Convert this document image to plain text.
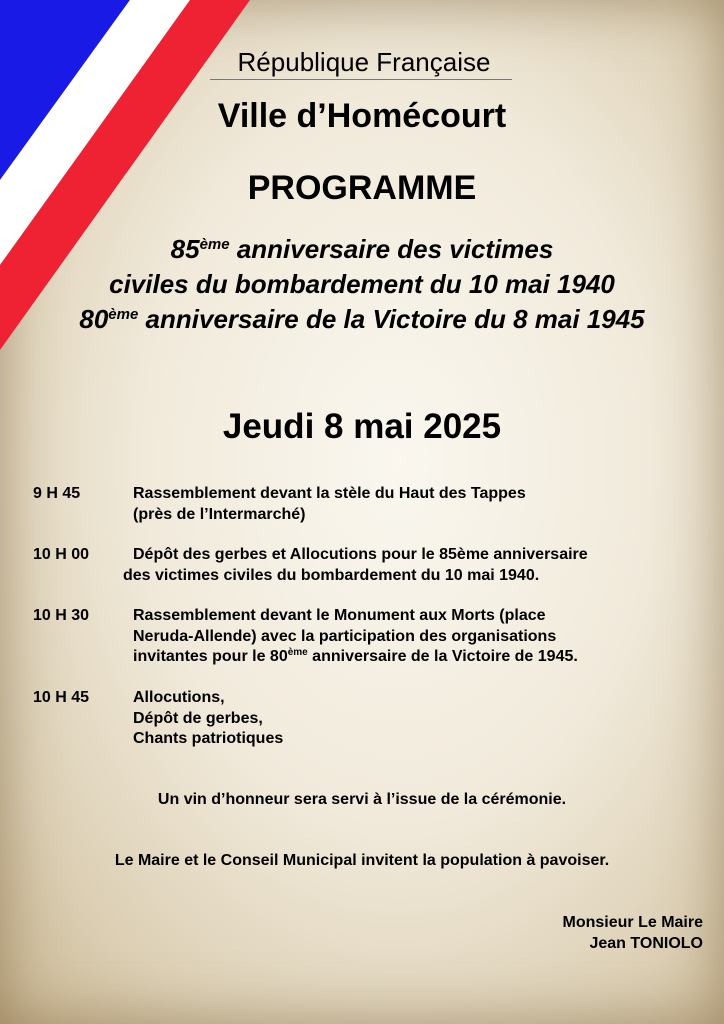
République Française
Ville d’Homécourt
PROGRAMME
85ème anniversaire des victimes
civiles du bombardement du 10 mai 1940
80ème anniversaire de la Victoire du 8 mai 1945
Jeudi 8 mai 2025
9 H 45	Rassemblement devant la stèle du Haut des Tappes
(près de l’Intermarché)
10 H 00	Dépôt des gerbes et Allocutions pour le 85ème anniversaire
des victimes civiles du bombardement du 10 mai 1940.
10 H 30	Rassemblement devant le Monument aux Morts (place
Neruda-Allende) avec la participation des organisations
invitantes pour le 80ème anniversaire de la Victoire de 1945.
10 H 45	Allocutions,
Dépôt de gerbes,
Chants patriotiques
Un vin d’honneur sera servi à l’issue de la cérémonie.
Le Maire et le Conseil Municipal invitent la population à pavoiser.
Monsieur Le Maire
Jean TONIOLO
